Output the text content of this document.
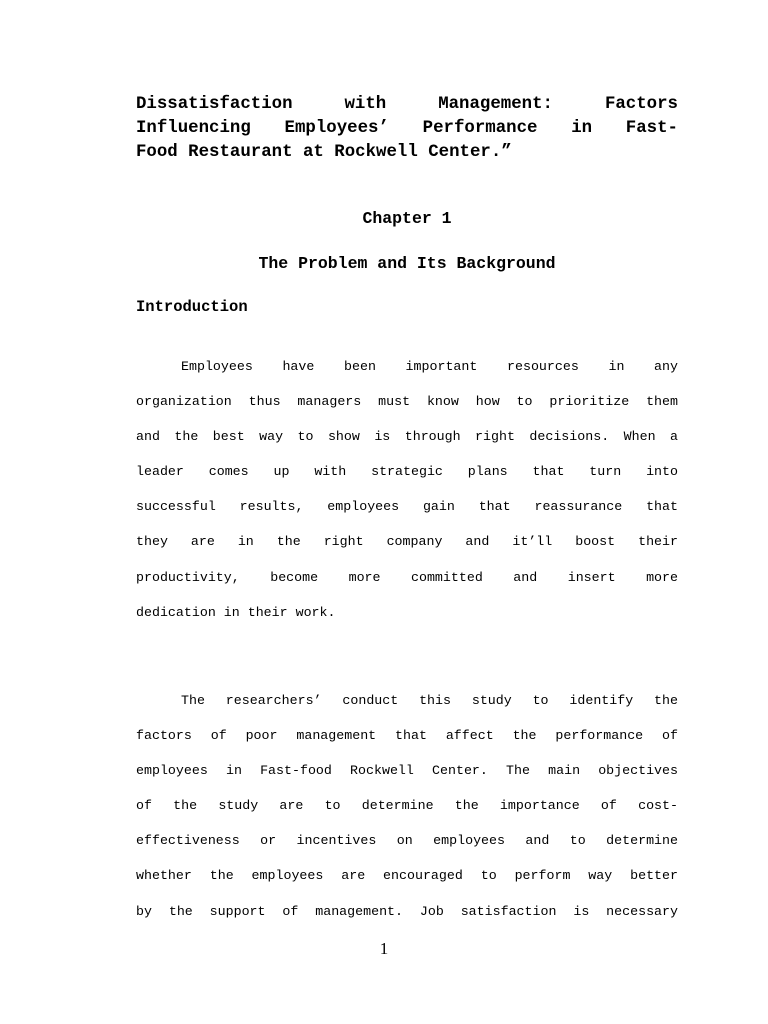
Dissatisfaction with Management: Factors
Influencing Employees’ Performance in Fast-
Food Restaurant at Rockwell Center.”
Chapter 1
The Problem and Its Background
Introduction
Employees have been important resources in any
organization thus managers must know how to prioritize them
and the best way to show is through right decisions. When a
leader comes up with strategic plans that turn into
successful results, employees gain that reassurance that
they are in the right company and it’ll boost their
productivity, become more committed and insert more
dedication in their work.
The researchers’ conduct this study to identify the
factors of poor management that affect the performance of
employees in Fast-food Rockwell Center. The main objectives
of the study are to determine the importance of cost-
effectiveness or incentives on employees and to determine
whether the employees are encouraged to perform way better
by the support of management. Job satisfaction is necessary
1
